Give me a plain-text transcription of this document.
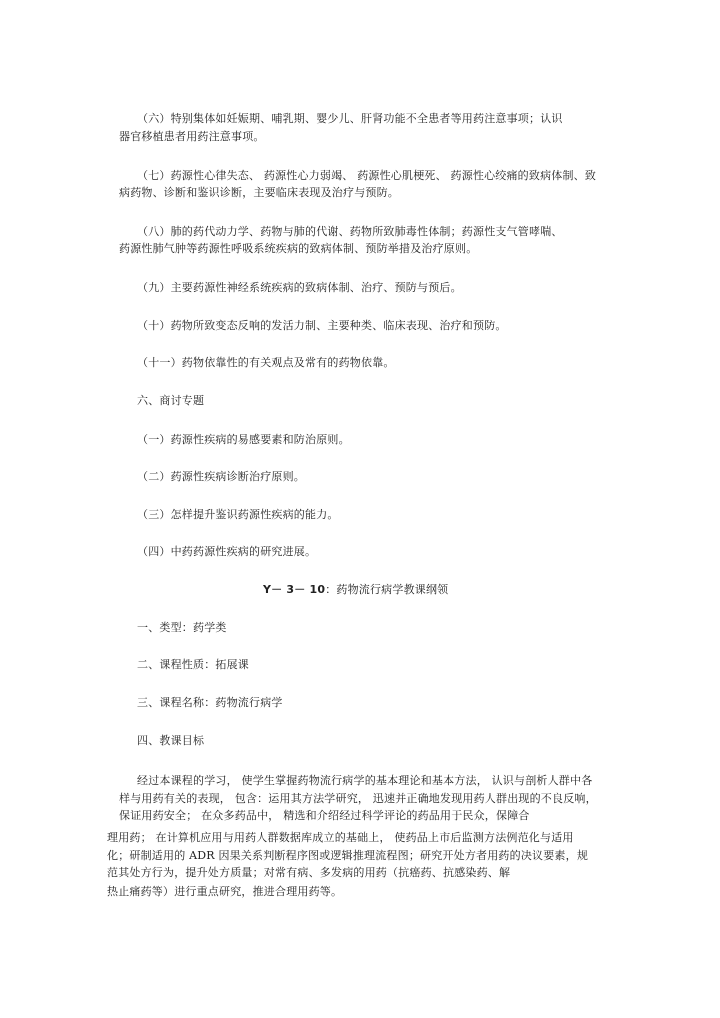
（六）特别集体如妊娠期、哺乳期、婴少儿、肝肾功能不全患者等用药注意事项；认识
器官移植患者用药注意事项。
（七）药源性心律失态、 药源性心力弱竭、 药源性心肌梗死、 药源性心绞痛的致病体制、致
病药物、诊断和鉴识诊断，主要临床表现及治疗与预防。
（八）肺的药代动力学、药物与肺的代谢、药物所致肺毒性体制；药源性支气管哮喘、
药源性肺气肿等药源性呼吸系统疾病的致病体制、预防举措及治疗原则。
（九）主要药源性神经系统疾病的致病体制、治疗、预防与预后。
（十）药物所致变态反响的发活力制、主要种类、临床表现、治疗和预防。
（十一）药物依靠性的有关观点及常有的药物依靠。
六、商讨专题
（一）药源性疾病的易感要素和防治原则。
（二）药源性疾病诊断治疗原则。
（三）怎样提升鉴识药源性疾病的能力。
（四）中药药源性疾病的研究进展。
Y－ 3－ 10：药物流行病学教课纲领
一、类型：药学类
二、课程性质：拓展课
三、课程名称：药物流行病学
四、教课目标
经过本课程的学习， 使学生掌握药物流行病学的基本理论和基本方法， 认识与剖析人群中各
样与用药有关的表现， 包含：运用其方法学研究， 迅速并正确地发现用药人群出现的不良反响，
保证用药安全； 在众多药品中， 精选和介绍经过科学评论的药品用于民众，保障合
理用药； 在计算机应用与用药人群数据库成立的基础上， 使药品上市后监测方法例范化与适用
化；研制适用的 ADR 因果关系判断程序图或逻辑推理流程图；研究开处方者用药的决议要素，规
范其处方行为，提升处方质量；对常有病、多发病的用药（抗癌药、抗感染药、解
热止痛药等）进行重点研究，推进合理用药等。
